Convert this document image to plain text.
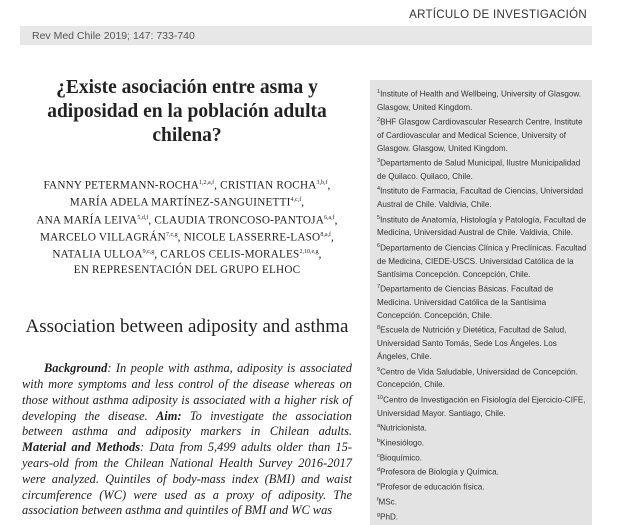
ARTÍCULO DE INVESTIGACIÓN
Rev Med Chile 2019; 147: 733-740
¿Existe asociación entre asma y adiposidad en la población adulta chilena?
FANNY PETERMANN-ROCHA$^{1,2,a,f}$, CRISTIAN ROCHA$^{3,b,f}$,
MARÍA ADELA MARTÍNEZ-SANGUINETTI$^{4,c,f}$,
ANA MARÍA LEIVA$^{5,d,f}$, CLAUDIA TRONCOSO-PANTOJA$^{6,a,f}$,
MARCELO VILLAGRÁN$^{7,c,g}$, NICOLE LASSERRE-LASO$^{8,a,f}$,
NATALIA ULLOA$^{9,c,g}$, CARLOS CELIS-MORALES$^{2,10,e,g}$,
EN REPRESENTACIÓN DEL GRUPO ELHOC
Association between adiposity and asthma

Background: In people with asthma, adiposity is associated with more symptoms and less control of the disease whereas on those without asthma adiposity is associated with a higher risk of developing the disease. Aim: To investigate the association between asthma and adiposity markers in Chilean adults. Material and Methods: Data from 5,499 adults older than 15-years-old from the Chilean National Health Survey 2016-2017 were analyzed. Quintiles of body-mass index (BMI) and waist circumference (WC) were used as a proxy of adiposity. The association between asthma and quintiles of BMI and WC was

$^1$Institute of Health and Wellbeing, University of Glasgow. Glasgow, United Kingdom.
$^2$BHF Glasgow Cardiovascular Research Centre, Institute of Cardiovascular and Medical Science, University of Glasgow. Glasgow, United Kingdom.
$^3$Departamento de Salud Municipal, Ilustre Municipalidad de Quilaco. Quilaco, Chile.
$^4$Instituto de Farmacia, Facultad de Ciencias, Universidad Austral de Chile. Valdivia, Chile.
$^5$Instituto de Anatomía, Histología y Patología, Facultad de Medicina, Universidad Austral de Chile. Valdivia, Chile.
$^6$Departamento de Ciencias Clínica y Preclínicas. Facultad de Medicina, CIEDE-USCS. Universidad Católica de la Santísima Concepción. Concepción, Chile.
$^7$Departamento de Ciencias Básicas. Facultad de Medicina. Universidad Católica de la Santísima Concepción. Concepción, Chile.
$^8$Escuela de Nutrición y Dietética, Facultad de Salud, Universidad Santo Tomás, Sede Los Ángeles. Los Ángeles, Chile.
$^9$Centro de Vida Saludable, Universidad de Concepción. Concepción, Chile.
$^{10}$Centro de Investigación en Fisiología del Ejercicio-CIFE, Universidad Mayor. Santiago, Chile.
$^a$Nutricionista.
$^b$Kinesiólogo.
$^c$Bioquímico.
$^d$Profesora de Biología y Química.
$^e$Profesor de educación física.
$^f$MSc.
$^g$PhD.
